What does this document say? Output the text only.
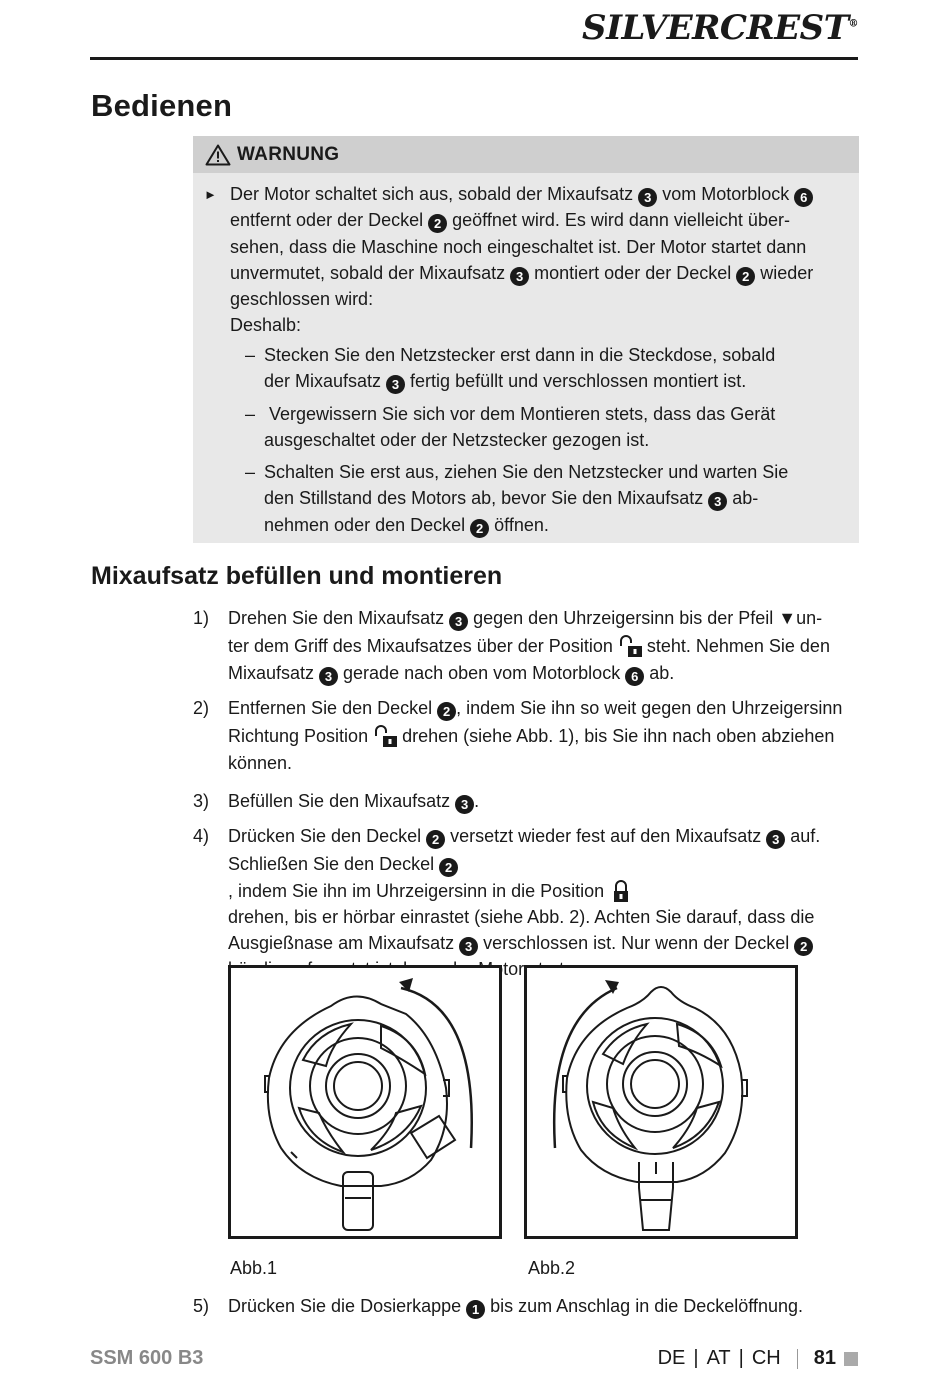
SILVERCREST®
Bedienen
WARNUNG
► Der Motor schaltet sich aus, sobald der Mixaufsatz 3 vom Motorblock 6
entfernt oder der Deckel 2 geöffnet wird. Es wird dann vielleicht über-
sehen, dass die Maschine noch eingeschaltet ist. Der Motor startet dann
unvermutet, sobald der Mixaufsatz 3 montiert oder der Deckel 2 wieder
geschlossen wird:
Deshalb:
– Stecken Sie den Netzstecker erst dann in die Steckdose, sobald
der Mixaufsatz 3 fertig befüllt und verschlossen montiert ist.
– Vergewissern Sie sich vor dem Montieren stets, dass das Gerät
ausgeschaltet oder der Netzstecker gezogen ist.
– Schalten Sie erst aus, ziehen Sie den Netzstecker und warten Sie
den Stillstand des Motors ab, bevor Sie den Mixaufsatz 3 ab-
nehmen oder den Deckel 2 öffnen.
Mixaufsatz befüllen und montieren
1) Drehen Sie den Mixaufsatz 3 gegen den Uhrzeigersinn bis der Pfeil ▼un-
ter dem Griff des Mixaufsatzes über der Position  steht. Nehmen Sie den
Mixaufsatz 3 gerade nach oben vom Motorblock 6 ab.
2) Entfernen Sie den Deckel 2 , indem Sie ihn so weit gegen den Uhrzeigersinn
Richtung Position  drehen (siehe Abb. 1), bis Sie ihn nach oben abziehen
können.
3) Befüllen Sie den Mixaufsatz 3 .
4) Drücken Sie den Deckel 2 versetzt wieder fest auf den Mixaufsatz 3 auf.
Schließen Sie den Deckel 2, indem Sie ihn im Uhrzeigersinn in die Position
drehen, bis er hörbar einrastet (siehe Abb. 2). Achten Sie darauf, dass die
Ausgießnase am Mixaufsatz 3 verschlossen ist. Nur wenn der Deckel 2
5) Drücken Sie die Dosierkappe 1 bis zum Anschlag in die Deckelöffnung.
Abb.1	Abb.2
SSM 600 B3	DE | AT | CH 81
